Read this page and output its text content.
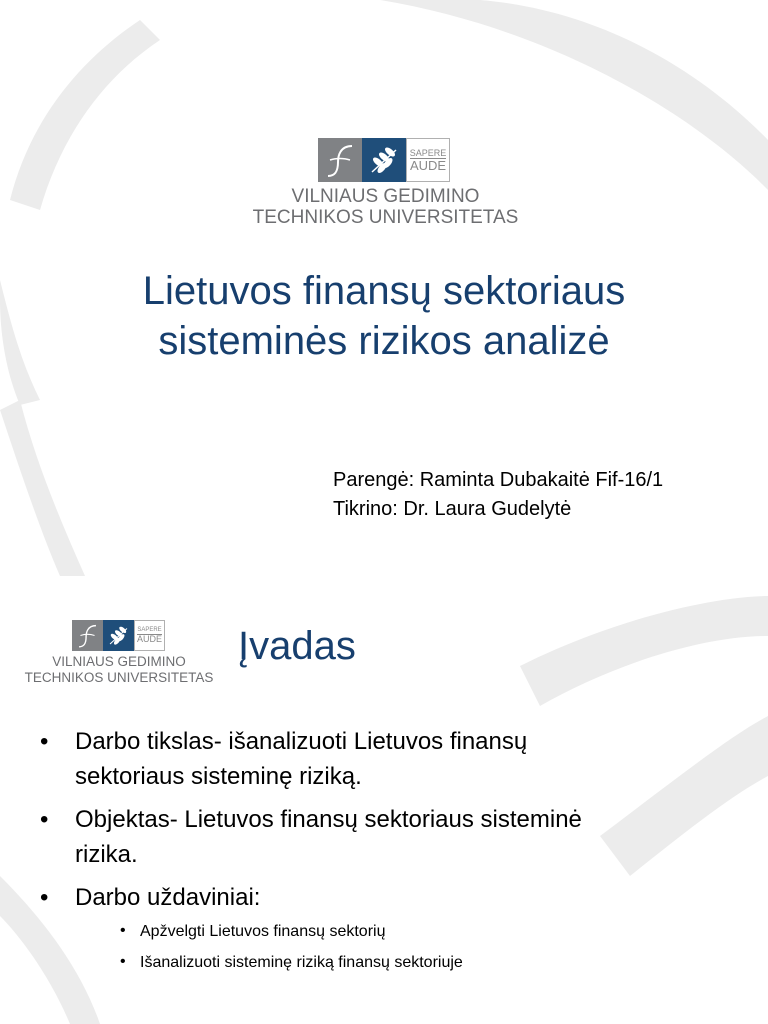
SAPERE
AUDE
VILNIAUS GEDIMINO
TECHNIKOS UNIVERSITETAS
Lietuvos finansų sektoriaus
sisteminės rizikos analizė
Parengė: Raminta Dubakaitė Fif-16/1
Tikrino: Dr. Laura Gudelytė
SAPERE
AUDE
VILNIAUS GEDIMINO
TECHNIKOS UNIVERSITETAS
Įvadas
• Darbo tikslas- išanalizuoti Lietuvos finansų
sektoriaus sisteminę riziką.
• Objektas- Lietuvos finansų sektoriaus sisteminė
rizika.
• Darbo uždaviniai:
• Apžvelgti Lietuvos finansų sektorių
• Išanalizuoti sisteminę riziką finansų sektoriuje
